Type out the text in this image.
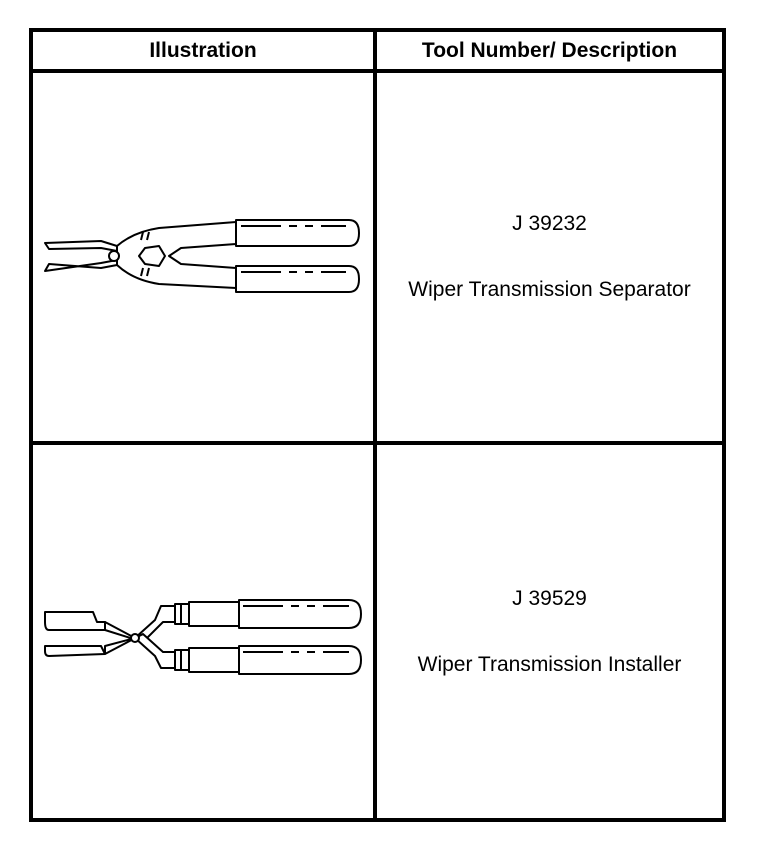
Illustration	Tool Number/ Description
J 39232
Wiper Transmission Separator
J 39529
Wiper Transmission Installer
